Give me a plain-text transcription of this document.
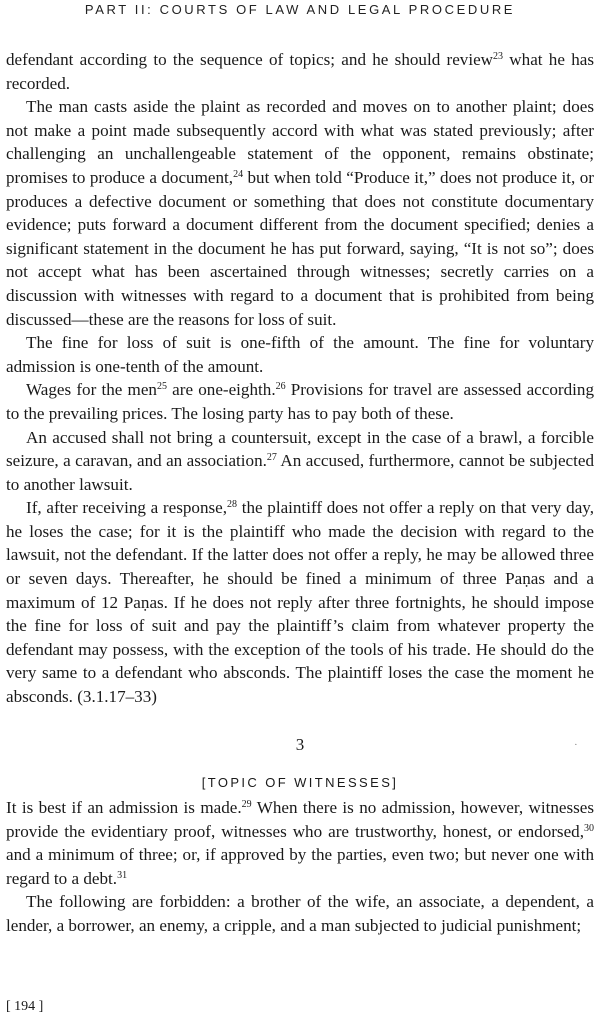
PART II: COURTS OF LAW AND LEGAL PROCEDURE

defendant according to the sequence of topics; and he should review$^{23}$ what he has recorded.

The man casts aside the plaint as recorded and moves on to another plaint; does not make a point made subsequently accord with what was stated previously; after challenging an unchallengeable statement of the opponent, remains obstinate; promises to produce a document,$^{24}$ but when told “Produce it,” does not produce it, or produces a defective document or something that does not constitute documentary evidence; puts forward a document different from the document specified; denies a significant statement in the document he has put forward, saying, “It is not so”; does not accept what has been ascertained through witnesses; secretly carries on a discussion with witnesses with regard to a document that is prohibited from being discussed—these are the reasons for loss of suit.

The fine for loss of suit is one-fifth of the amount. The fine for voluntary admission is one-tenth of the amount.

Wages for the men$^{25}$ are one-eighth.$^{26}$ Provisions for travel are assessed according to the prevailing prices. The losing party has to pay both of these.

An accused shall not bring a countersuit, except in the case of a brawl, a forcible seizure, a caravan, and an association.$^{27}$ An accused, furthermore, cannot be subjected to another lawsuit.

If, after receiving a response,$^{28}$ the plaintiff does not offer a reply on that very day, he loses the case; for it is the plaintiff who made the decision with regard to the lawsuit, not the defendant. If the latter does not offer a reply, he may be allowed three or seven days. Thereafter, he should be fined a minimum of three Paṇas and a maximum of 12 Paṇas. If he does not reply after three fortnights, he should impose the fine for loss of suit and pay the plaintiff’s claim from whatever property the defendant may possess, with the exception of the tools of his trade. He should do the very same to a defendant who absconds. The plaintiff loses the case the moment he absconds. (3.1.17–33)

·
3
[TOPIC OF WITNESSES]

It is best if an admission is made.$^{29}$ When there is no admission, however, witnesses provide the evidentiary proof, witnesses who are trustworthy, honest, or endorsed,$^{30}$ and a minimum of three; or, if approved by the parties, even two; but never one with regard to a debt.$^{31}$

The following are forbidden: a brother of the wife, an associate, a dependent, a lender, a borrower, an enemy, a cripple, and a man subjected to judicial punishment;

[ 194 ]
